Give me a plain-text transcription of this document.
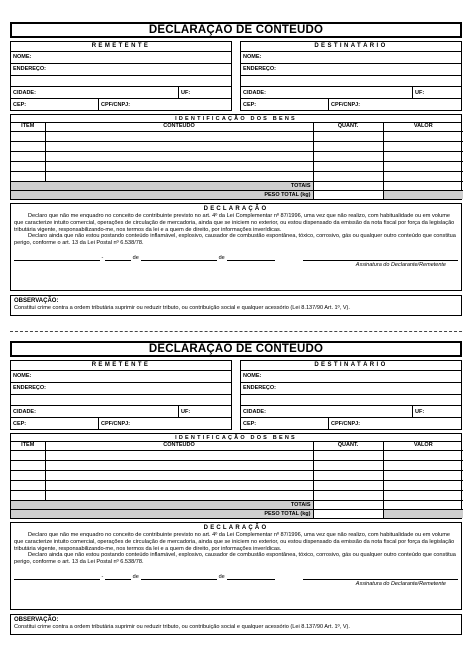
DECLARAÇÃO DE CONTEÚDO
REMETENTE
NOME:
ENDEREÇO:
CIDADE:	UF:
CEP:	CPF/CNPJ:
DESTINATÁRIO
NOME:
ENDEREÇO:
CIDADE:	UF:
CEP:	CPF/CNPJ:
IDENTIFICAÇÃO DOS BENS
ITEM	CONTEÚDO	QUANT.	VALOR

TOTAIS			
PESO TOTAL (kg)			
DECLARAÇÃO

Declaro que não me enquadro no conceito de contribuinte previsto no art. 4º da Lei Complementar nº 87/1996, uma vez que não realizo, com habitualidade ou em volume que caracterize intuito comercial, operações de circulação de mercadoria, ainda que se iniciem no exterior, ou estou dispensado da emissão da nota fiscal por força da legislação tributária vigente, responsabilizando-me, nos termos da lei e a quem de direito, por informações inverídicas.

Declaro ainda que não estou postando conteúdo inflamável, explosivo, causador de combustão espontânea, tóxico, corrosivo, gás ou qualquer outro conteúdo que constitua perigo, conforme o art. 13 da Lei Postal nº 6.538/78.

-	de	de
Assinatura do Declarante/Remetente
OBSERVAÇÃO:
Constitui crime contra a ordem tributária suprimir ou reduzir tributo, ou contribuição social e qualquer acessório (Lei 8.137/90 Art. 1º, V).
DECLARAÇÃO DE CONTEÚDO
REMETENTE
NOME:
ENDEREÇO:
CIDADE:	UF:
CEP:	CPF/CNPJ:
DESTINATÁRIO
NOME:
ENDEREÇO:
CIDADE:	UF:
CEP:	CPF/CNPJ:
IDENTIFICAÇÃO DOS BENS
ITEM	CONTEÚDO	QUANT.	VALOR

TOTAIS			
PESO TOTAL (kg)			
DECLARAÇÃO

Declaro que não me enquadro no conceito de contribuinte previsto no art. 4º da Lei Complementar nº 87/1996, uma vez que não realizo, com habitualidade ou em volume que caracterize intuito comercial, operações de circulação de mercadoria, ainda que se iniciem no exterior, ou estou dispensado da emissão da nota fiscal por força da legislação tributária vigente, responsabilizando-me, nos termos da lei e a quem de direito, por informações inverídicas.

Declaro ainda que não estou postando conteúdo inflamável, explosivo, causador de combustão espontânea, tóxico, corrosivo, gás ou qualquer outro conteúdo que constitua perigo, conforme o art. 13 da Lei Postal nº 6.538/78.

-	de	de
Assinatura do Declarante/Remetente
OBSERVAÇÃO:
Constitui crime contra a ordem tributária suprimir ou reduzir tributo, ou contribuição social e qualquer acessório (Lei 8.137/90 Art. 1º, V).
